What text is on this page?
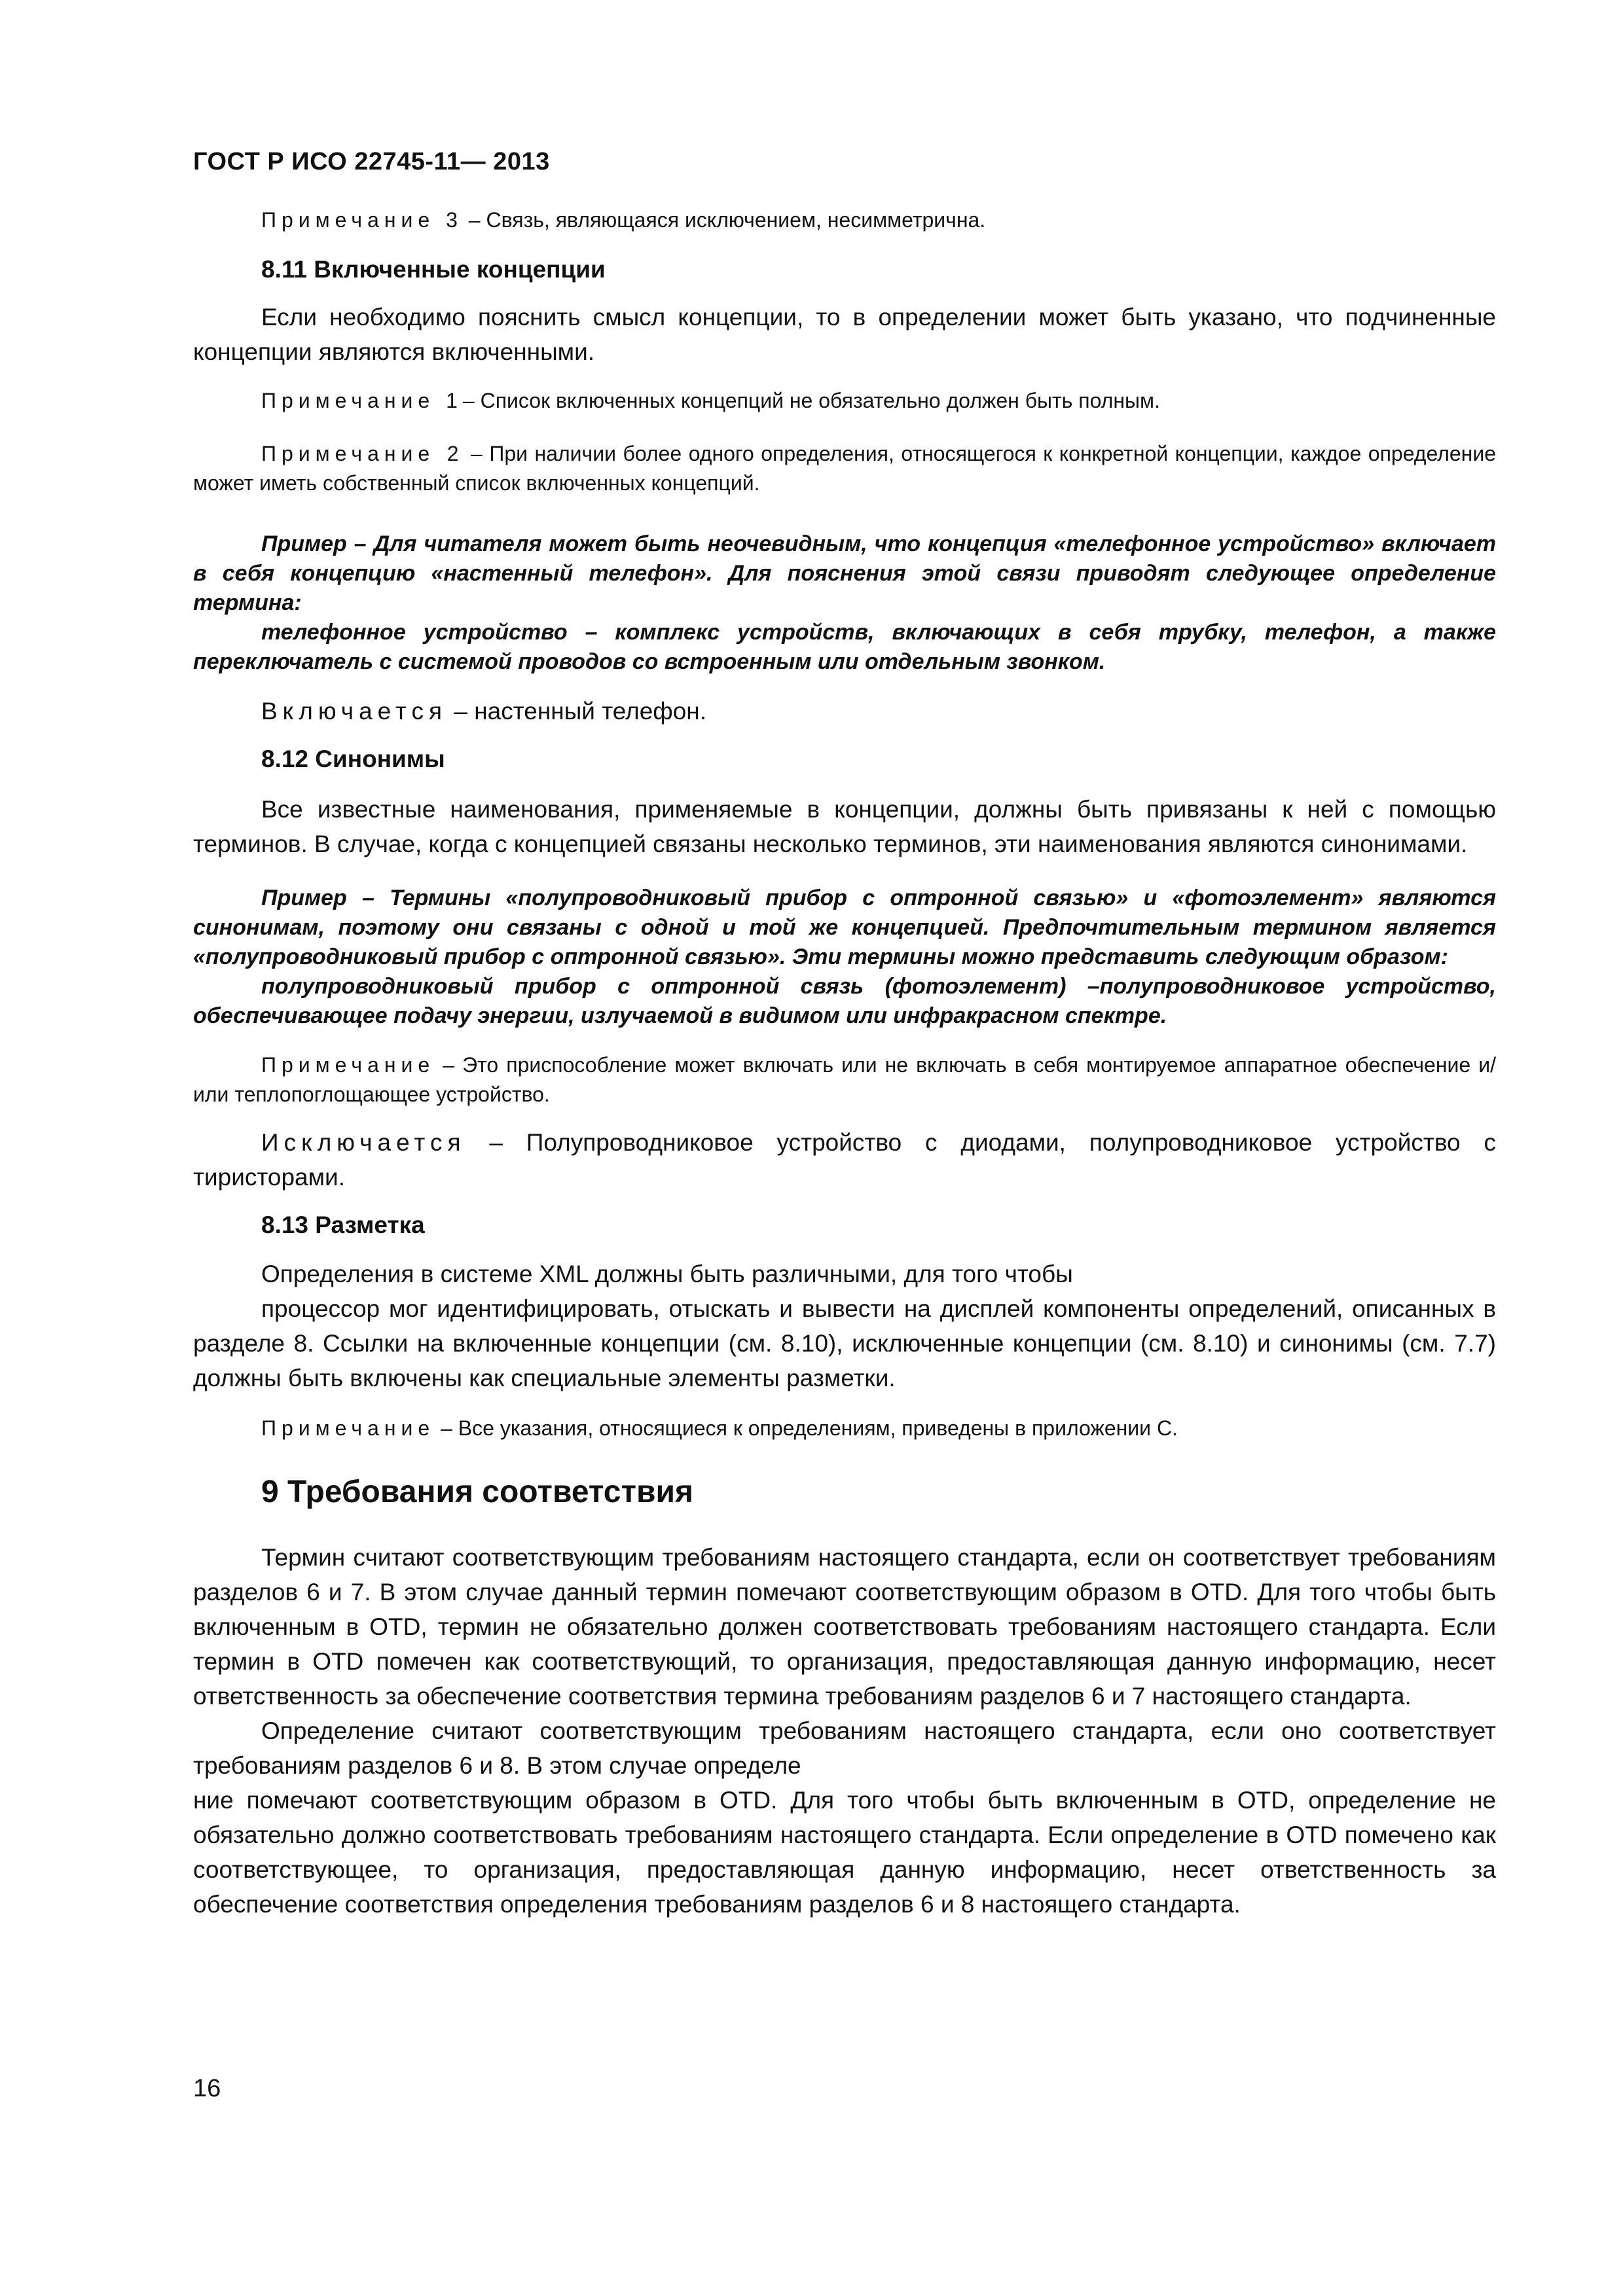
ГОСТ Р ИСО 22745-11— 2013

Примечание 3 – Связь, являющаяся исключением, несимметрична.

8.11 Включенные концепции

Если необходимо пояснить смысл концепции, то в определении может быть указано, что подчиненные концепции являются включенными.

Примечание 1– Список включенных концепций не обязательно должен быть полным.

Примечание 2 – При наличии более одного определения, относящегося к конкретной концепции, каждое определение может иметь собственный список включенных концепций.

Пример – Для читателя может быть неочевидным, что концепция «телефонное устройство» включает в себя концепцию «настенный телефон». Для пояснения этой связи приводят следующее определение термина:

телефонное устройство – комплекс устройств, включающих в себя трубку, телефон, а также переключатель с системой проводов со встроенным или отдельным звонком.

Включается – настенный телефон.

8.12 Синонимы

Все известные наименования, применяемые в концепции, должны быть привязаны к ней с помощью терминов. В случае, когда с концепцией связаны несколько терминов, эти наименования являются синонимами.

Пример – Термины «полупроводниковый прибор с оптронной связью» и «фотоэлемент» являются синонимам, поэтому они связаны с одной и той же концепцией. Предпочтительным термином является «полупроводниковый прибор с оптронной связью». Эти термины можно представить следующим образом:

полупроводниковый прибор с оптронной связь (фотоэлемент) –полупроводниковое устройство, обеспечивающее подачу энергии, излучаемой в видимом или инфракрасном спектре.

Примечание – Это приспособление может включать или не включать в себя монтируемое аппаратное обеспечение и/или теплопоглощающее устройство.

Исключается – Полупроводниковое устройство с диодами, полупроводниковое устройство с тиристорами.

8.13 Разметка

Определения в системе XML должны быть различными, для того чтобы

процессор мог идентифицировать, отыскать и вывести на дисплей компоненты определений, описанных в разделе 8. Ссылки на включенные концепции (см. 8.10), исключенные концепции (см. 8.10) и синонимы (см. 7.7) должны быть включены как специальные элементы разметки.

Примечание – Все указания, относящиеся к определениям, приведены в приложении С.

9 Требования соответствия

Термин считают соответствующим требованиям настоящего стандарта, если он соответствует требованиям разделов 6 и 7. В этом случае данный термин помечают соответствующим образом в OTD. Для того чтобы быть включенным в OTD, термин не обязательно должен соответствовать требованиям настоящего стандарта. Если термин в OTD помечен как соответствующий, то организация, предоставляющая данную информацию, несет ответственность за обеспечение соответствия термина требованиям разделов 6 и 7 настоящего стандарта.

Определение считают соответствующим требованиям настоящего стандарта, если оно соответствует требованиям разделов 6 и 8. В этом случае определе

ние помечают соответствующим образом в OTD. Для того чтобы быть включенным в OTD, определение не обязательно должно соответствовать требованиям настоящего стандарта. Если определение в OTD помечено как соответствующее, то организация, предоставляющая данную информацию, несет ответственность за обеспечение соответствия определения требованиям разделов 6 и 8 настоящего стандарта.

16
